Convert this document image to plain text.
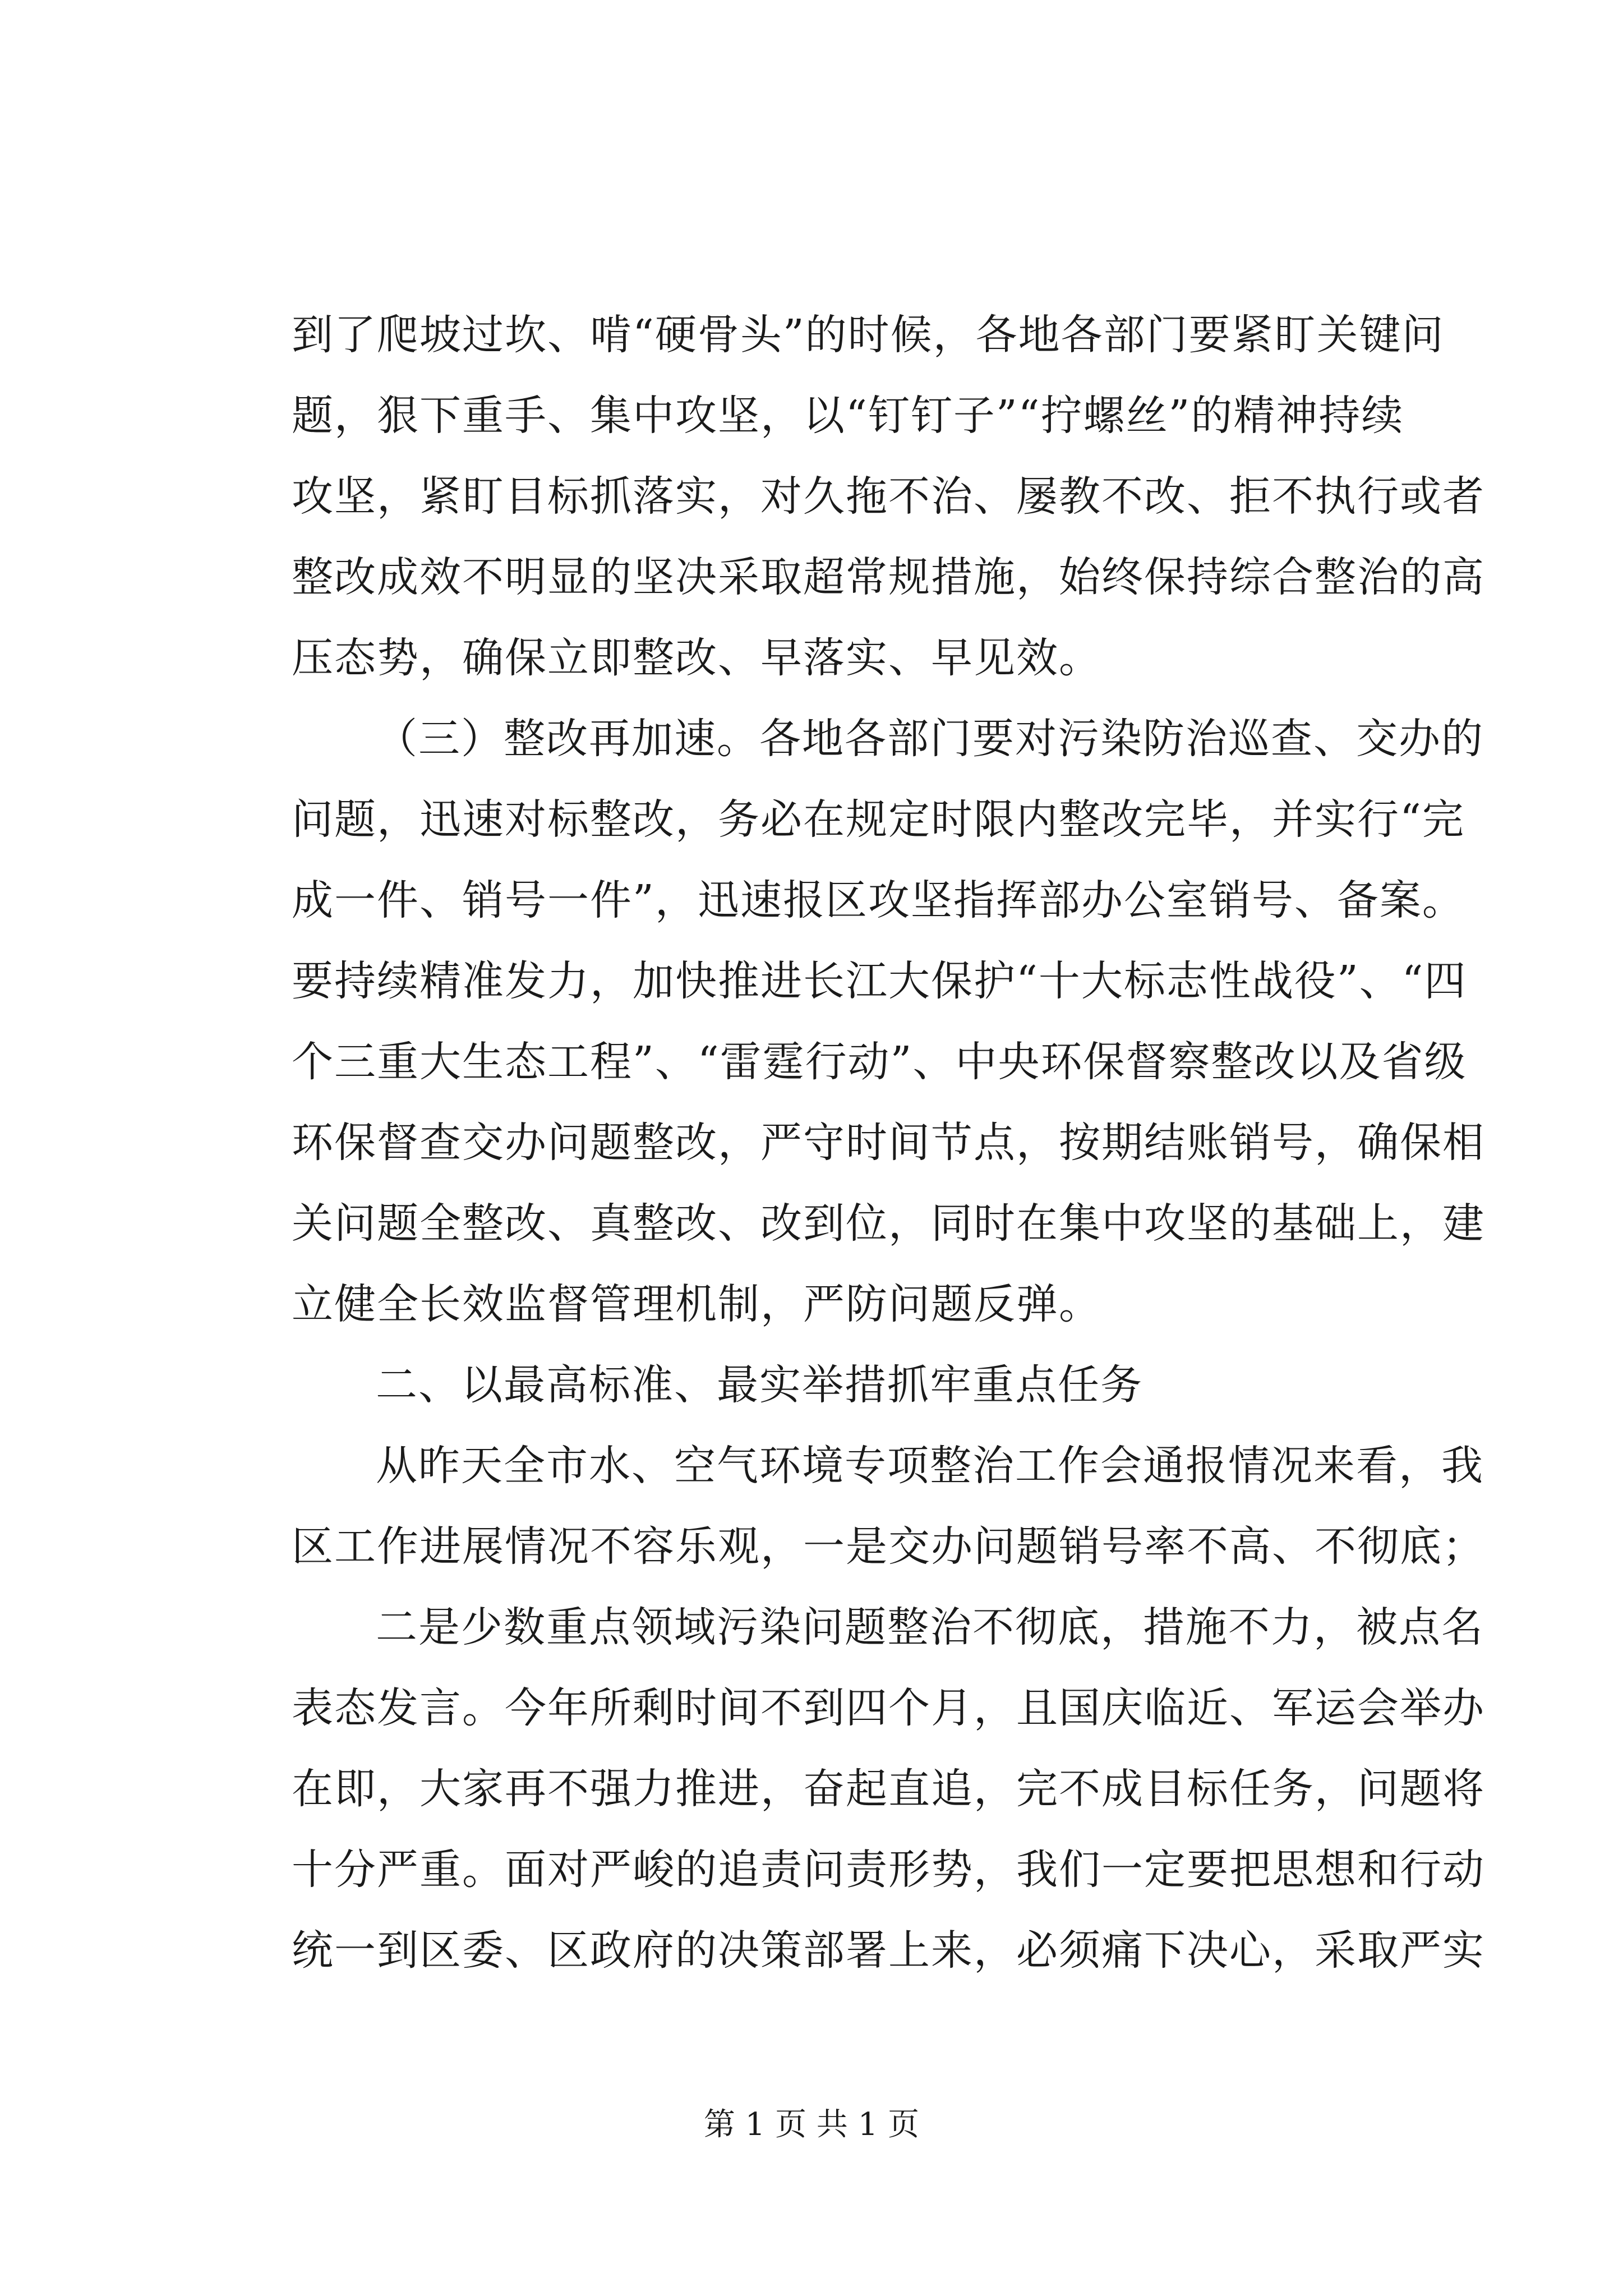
到了爬坡过坎、啃“硬骨头”的时候，各地各部门要紧盯关键问
题，狠下重手、集中攻坚，以“钉钉子”“拧螺丝”的精神持续
攻坚，紧盯目标抓落实，对久拖不治、屡教不改、拒不执行或者
整改成效不明显的坚决采取超常规措施，始终保持综合整治的高
压态势，确保立即整改、早落实、早见效。
（三）整改再加速。各地各部门要对污染防治巡查、交办的
问题，迅速对标整改，务必在规定时限内整改完毕，并实行“完
成一件、销号一件”，迅速报区攻坚指挥部办公室销号、备案。
要持续精准发力，加快推进长江大保护“十大标志性战役”、“四
个三重大生态工程”、“雷霆行动”、中央环保督察整改以及省级
环保督查交办问题整改，严守时间节点，按期结账销号，确保相
关问题全整改、真整改、改到位，同时在集中攻坚的基础上，建
立健全长效监督管理机制，严防问题反弹。
二、以最高标准、最实举措抓牢重点任务
从昨天全市水、空气环境专项整治工作会通报情况来看，我
区工作进展情况不容乐观，一是交办问题销号率不高、不彻底；
二是少数重点领域污染问题整治不彻底，措施不力，被点名
表态发言。今年所剩时间不到四个月，且国庆临近、军运会举办
在即，大家再不强力推进，奋起直追，完不成目标任务，问题将
十分严重。面对严峻的追责问责形势，我们一定要把思想和行动
统一到区委、区政府的决策部署上来，必须痛下决心，采取严实
第 1 页 共 1 页
